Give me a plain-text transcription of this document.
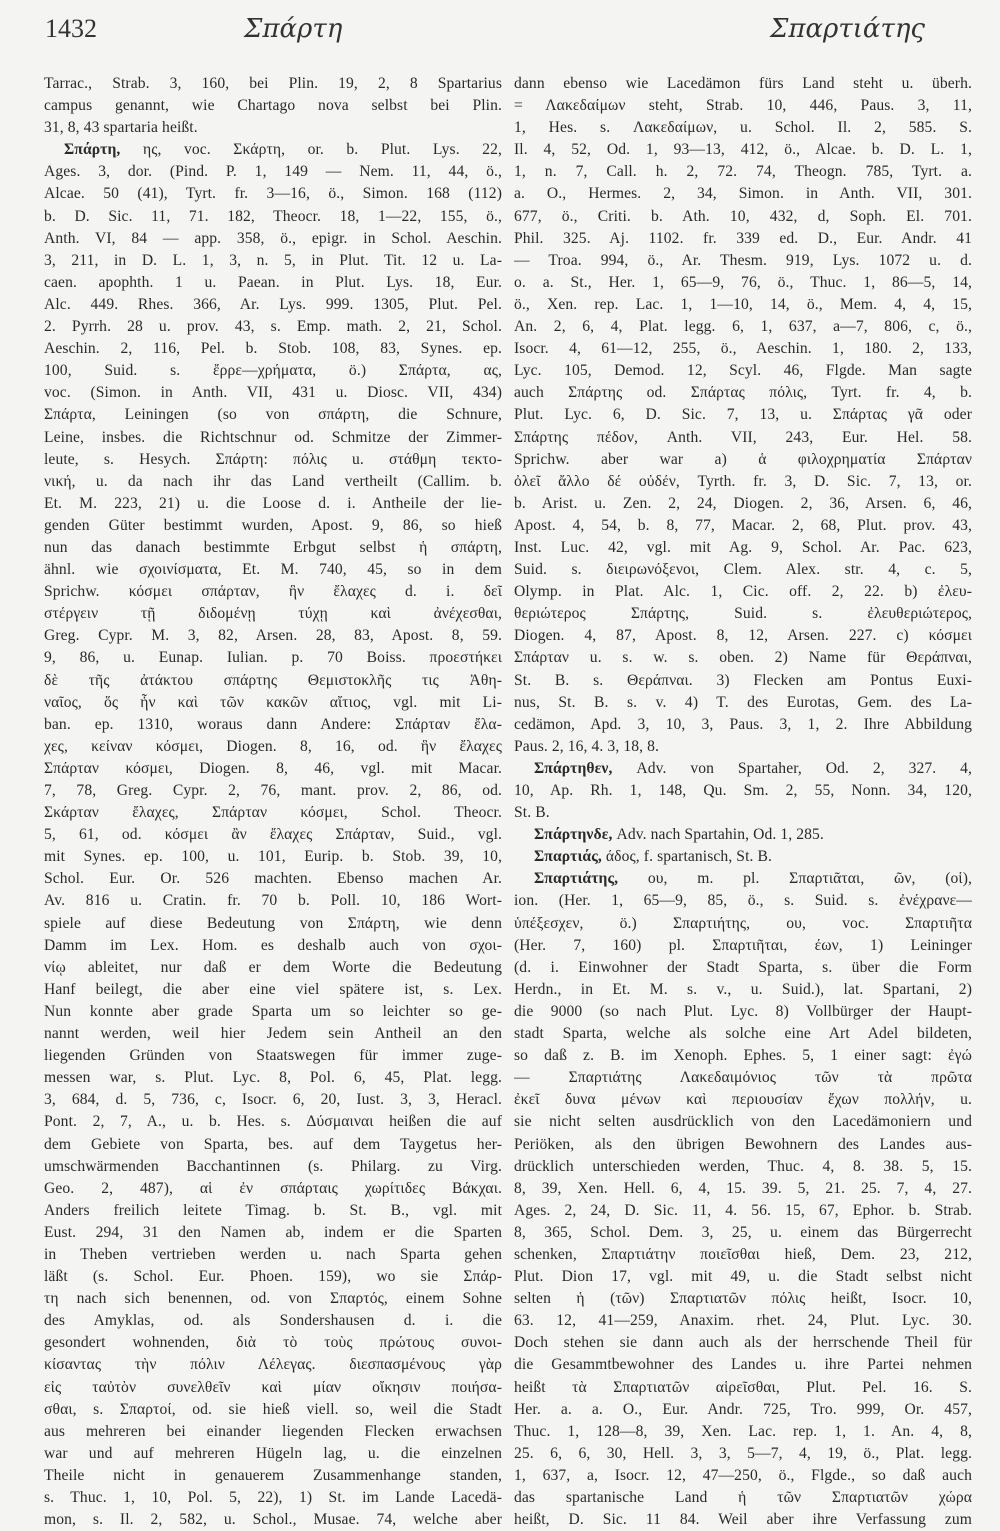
1432	Σπάρτη	Σπαρτιάτης
Tarrac., Strab. 3, 160, bei Plin. 19, 2, 8 Spartarius
campus genannt, wie Chartago nova selbst bei Plin.
31, 8, 43 spartaria heißt.
Σπάρτη, ης, voc. Σκάρτη, or. b. Plut. Lys. 22,
Ages. 3, dor. (Pind. P. 1, 149 — Nem. 11, 44, ö.,
Alcae. 50 (41), Tyrt. fr. 3—16, ö., Simon. 168 (112)
b. D. Sic. 11, 71. 182, Theocr. 18, 1—22, 155, ö.,
Anth. VI, 84 — app. 358, ö., epigr. in Schol. Aeschin.
3, 211, in D. L. 1, 3, n. 5, in Plut. Tit. 12 u. La-
caen. apophth. 1 u. Paean. in Plut. Lys. 18, Eur.
Alc. 449. Rhes. 366, Ar. Lys. 999. 1305, Plut. Pel.
2. Pyrrh. 28 u. prov. 43, s. Emp. math. 2, 21, Schol.
Aeschin. 2, 116, Pel. b. Stob. 108, 83, Synes. ep.
100, Suid. s. ἔρρε—χρήματα, ö.) Σπάρτα, ας,
voc. (Simon. in Anth. VII, 431 u. Diosc. VII, 434)
Σπάρτα, Leiningen (so von σπάρτη, die Schnure,
Leine, insbes. die Richtschnur od. Schmitze der Zimmer-
leute, s. Hesych. Σπάρτη: πόλις u. στάθμη τεκτο-
νική, u. da nach ihr das Land vertheilt (Callim. b.
Et. M. 223, 21) u. die Loose d. i. Antheile der lie-
genden Güter bestimmt wurden, Apost. 9, 86, so hieß
nun das danach bestimmte Erbgut selbst ἡ σπάρτη,
ähnl. wie σχοινίσματα, Et. M. 740, 45, so in dem
Sprichw. κόσμει σπάρταν, ἣν ἔλαχες d. i. δεῖ
στέργειν τῇ διδομένῃ τύχῃ καὶ ἀνέχεσθαι,
Greg. Cypr. M. 3, 82, Arsen. 28, 83, Apost. 8, 59.
9, 86, u. Eunap. Iulian. p. 70 Boiss. προεστήκει
δὲ τῆς ἀτάκτου σπάρτης Θεμιστοκλῆς τις Ἀθη-
ναῖος, ὅς ἦν καὶ τῶν κακῶν αἴτιος, vgl. mit Li-
ban. ep. 1310, woraus dann Andere: Σπάρταν ἔλα-
χες, κείναν κόσμει, Diogen. 8, 16, od. ἣν ἔλαχες
Σπάρταν κόσμει, Diogen. 8, 46, vgl. mit Macar.
7, 78, Greg. Cypr. 2, 76, mant. prov. 2, 86, od.
Σκάρταν ἔλαχες, Σπάρταν κόσμει, Schol. Theocr.
5, 61, od. κόσμει ἂν ἔλαχες Σπάρταν, Suid., vgl.
mit Synes. ep. 100, u. 101, Eurip. b. Stob. 39, 10,
Schol. Eur. Or. 526 machten. Ebenso machen Ar.
Av. 816 u. Cratin. fr. 70 b. Poll. 10, 186 Wort-
spiele auf diese Bedeutung von Σπάρτη, wie denn
Damm im Lex. Hom. es deshalb auch von σχοι-
νίῳ ableitet, nur daß er dem Worte die Bedeutung
Hanf beilegt, die aber eine viel spätere ist, s. Lex.
Nun konnte aber grade Sparta um so leichter so ge-
nannt werden, weil hier Jedem sein Antheil an den
liegenden Gründen von Staatswegen für immer zuge-
messen war, s. Plut. Lyc. 8, Pol. 6, 45, Plat. legg.
3, 684, d. 5, 736, c, Isocr. 6, 20, Iust. 3, 3, Heracl.
Pont. 2, 7, A., u. b. Hes. s. Δύσμαιναι heißen die auf
dem Gebiete von Sparta, bes. auf dem Taygetus her-
umschwärmenden Bacchantinnen (s. Philarg. zu Virg.
Geo. 2, 487), αἱ ἐν σπάρταις χωρίτιδες Βάκχαι.
Anders freilich leitete Timag. b. St. B., vgl. mit
Eust. 294, 31 den Namen ab, indem er die Sparten
in Theben vertrieben werden u. nach Sparta gehen
läßt (s. Schol. Eur. Phoen. 159), wo sie Σπάρ-
τη nach sich benennen, od. von Σπαρτός, einem Sohne
des Amyklas, od. als Sondershausen d. i. die
gesondert wohnenden, διὰ τὸ τοὺς πρώτους συνοι-
κίσαντας τὴν πόλιν Λέλεγας. διεσπασμένους γὰρ
εἰς ταὐτὸν συνελθεῖν καὶ μίαν οἴκησιν ποιήσα-
σθαι, s. Σπαρτοί, od. sie hieß viell. so, weil die Stadt
aus mehreren bei einander liegenden Flecken erwachsen
war und auf mehreren Hügeln lag, u. die einzelnen
Theile nicht in genauerem Zusammenhange standen,
s. Thuc. 1, 10, Pol. 5, 22), 1) St. im Lande Lacedä-
mon, s. Il. 2, 582, u. Schol., Musae. 74, welche aber
dann ebenso wie Lacedämon fürs Land steht u. überh.
= Λακεδαίμων steht, Strab. 10, 446, Paus. 3, 11,
1, Hes. s. Λακεδαίμων, u. Schol. Il. 2, 585. S.
Il. 4, 52, Od. 1, 93—13, 412, ö., Alcae. b. D. L. 1,
1, n. 7, Call. h. 2, 72. 74, Theogn. 785, Tyrt. a.
a. O., Hermes. 2, 34, Simon. in Anth. VII, 301.
677, ö., Criti. b. Ath. 10, 432, d, Soph. El. 701.
Phil. 325. Aj. 1102. fr. 339 ed. D., Eur. Andr. 41
— Troa. 994, ö., Ar. Thesm. 919, Lys. 1072 u. d.
o. a. St., Her. 1, 65—9, 76, ö., Thuc. 1, 86—5, 14,
ö., Xen. rep. Lac. 1, 1—10, 14, ö., Mem. 4, 4, 15,
An. 2, 6, 4, Plat. legg. 6, 1, 637, a—7, 806, c, ö.,
Isocr. 4, 61—12, 255, ö., Aeschin. 1, 180. 2, 133,
Lyc. 105, Demod. 12, Scyl. 46, Flgde. Man sagte
auch Σπάρτης od. Σπάρτας πόλις, Tyrt. fr. 4, b.
Plut. Lyc. 6, D. Sic. 7, 13, u. Σπάρτας γᾶ oder
Σπάρτης πέδον, Anth. VII, 243, Eur. Hel. 58.
Sprichw. aber war a) ἁ φιλοχρηματία Σπάρταν
ὀλεῖ ἄλλο δέ οὐδέν, Tyrth. fr. 3, D. Sic. 7, 13, or.
b. Arist. u. Zen. 2, 24, Diogen. 2, 36, Arsen. 6, 46,
Apost. 4, 54, b. 8, 77, Macar. 2, 68, Plut. prov. 43,
Inst. Luc. 42, vgl. mit Ag. 9, Schol. Ar. Pac. 623,
Suid. s. διειρωνόξενοι, Clem. Alex. str. 4, c. 5,
Olymp. in Plat. Alc. 1, Cic. off. 2, 22. b) ἐλευ-
θεριώτερος Σπάρτης, Suid. s. ἐλευθεριώτερος,
Diogen. 4, 87, Apost. 8, 12, Arsen. 227. c) κόσμει
Σπάρταν u. s. w. s. oben. 2) Name für Θεράπναι,
St. B. s. Θεράπναι. 3) Flecken am Pontus Euxi-
nus, St. B. s. v. 4) T. des Eurotas, Gem. des La-
cedämon, Apd. 3, 10, 3, Paus. 3, 1, 2. Ihre Abbildung
Paus. 2, 16, 4. 3, 18, 8.
Σπάρτηθεν, Adv. von Spartaher, Od. 2, 327. 4,
10, Ap. Rh. 1, 148, Qu. Sm. 2, 55, Nonn. 34, 120,
St. B.
Σπάρτηνδε, Adv. nach Spartahin, Od. 1, 285.
Σπαρτιάς, άδος, f. spartanisch, St. B.
Σπαρτιάτης, ου, m. pl. Σπαρτιᾶται, ῶν, (οἱ),
ion. (Her. 1, 65—9, 85, ö., s. Suid. s. ἐνέχρανε—
ὑπέξεσχεν, ö.) Σπαρτιήτης, ου, voc. Σπαρτιῆτα
(Her. 7, 160) pl. Σπαρτιῆται, έων, 1) Leininger
(d. i. Einwohner der Stadt Sparta, s. über die Form
Herdn., in Et. M. s. v., u. Suid.), lat. Spartani, 2)
die 9000 (so nach Plut. Lyc. 8) Vollbürger der Haupt-
stadt Sparta, welche als solche eine Art Adel bildeten,
so daß z. B. im Xenoph. Ephes. 5, 1 einer sagt: ἐγώ
— Σπαρτιάτης Λακεδαιμόνιος τῶν τὰ πρῶτα
ἐκεῖ δυνα μένων καὶ περιουσίαν ἔχων πολλήν, u.
sie nicht selten ausdrücklich von den Lacedämoniern und
Periöken, als den übrigen Bewohnern des Landes aus-
drücklich unterschieden werden, Thuc. 4, 8. 38. 5, 15.
8, 39, Xen. Hell. 6, 4, 15. 39. 5, 21. 25. 7, 4, 27.
Ages. 2, 24, D. Sic. 11, 4. 56. 15, 67, Ephor. b. Strab.
8, 365, Schol. Dem. 3, 25, u. einem das Bürgerrecht
schenken, Σπαρτιάτην ποιεῖσθαι hieß, Dem. 23, 212,
Plut. Dion 17, vgl. mit 49, u. die Stadt selbst nicht
selten ἡ (τῶν) Σπαρτιατῶν πόλις heißt, Isocr. 10,
63. 12, 41—259, Anaxim. rhet. 24, Plut. Lyc. 30.
Doch stehen sie dann auch als der herrschende Theil für
die Gesammtbewohner des Landes u. ihre Partei nehmen
heißt τὰ Σπαρτιατῶν αἱρεῖσθαι, Plut. Pel. 16. S.
Her. a. a. O., Eur. Andr. 725, Tro. 999, Or. 457,
Thuc. 1, 128—8, 39, Xen. Lac. rep. 1, 1. An. 4, 8,
25. 6, 6, 30, Hell. 3, 3, 5—7, 4, 19, ö., Plat. legg.
1, 637, a, Isocr. 12, 47—250, ö., Flgde., so daß auch
das spartanische Land ἡ τῶν Σπαρτιατῶν χώρα
heißt, D. Sic. 11 84. Weil aber ihre Verfassung zum
